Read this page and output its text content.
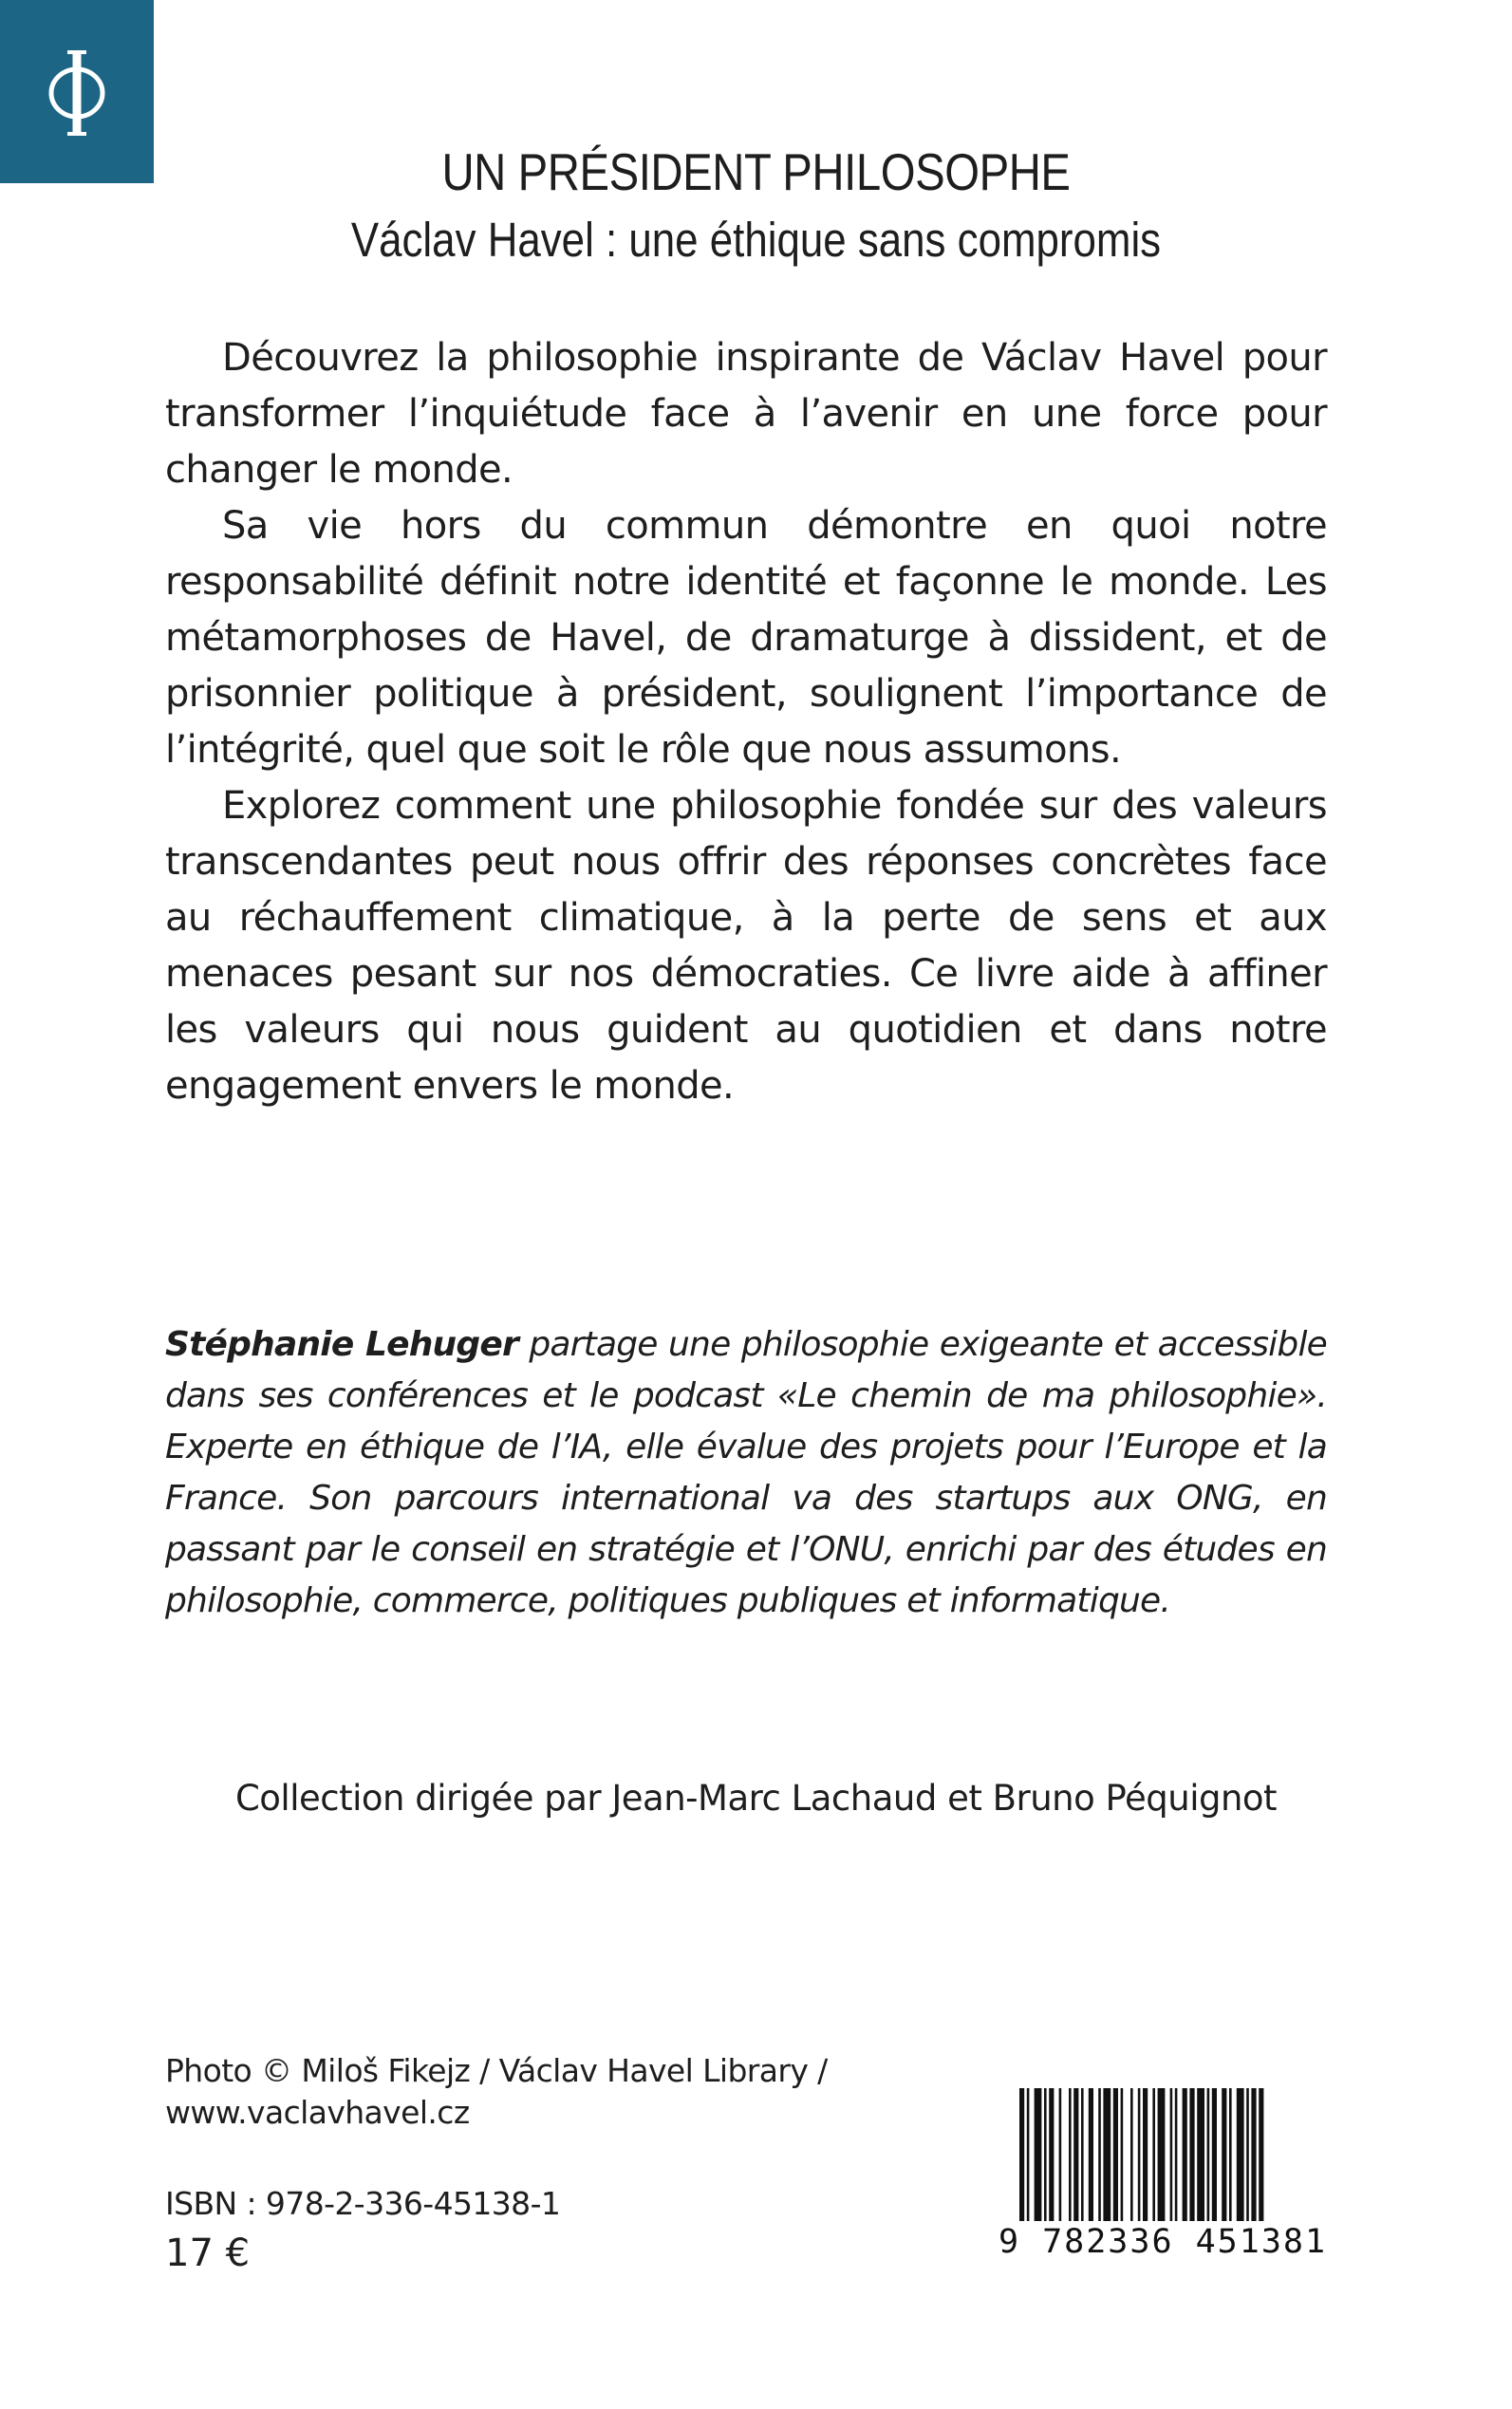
UN PRÉSIDENT PHILOSOPHE
Václav Havel : une éthique sans compromis

Découvrez la philosophie inspirante de Václav Havel pour transformer l’inquiétude face à l’avenir en une force pour changer le monde.

Sa vie hors du commun démontre en quoi notre responsabilité définit notre identité et façonne le monde. Les métamorphoses de Havel, de dramaturge à dissident, et de prisonnier politique à président, soulignent l’importance de l’intégrité, quel que soit le rôle que nous assumons.

Explorez comment une philosophie fondée sur des valeurs transcendantes peut nous offrir des réponses concrètes face au réchauffement climatique, à la perte de sens et aux menaces pesant sur nos démocraties. Ce livre aide à affiner les valeurs qui nous guident au quotidien et dans notre engagement envers le monde.

Stéphanie Lehuger partage une philosophie exigeante et accessible dans ses conférences et le podcast «Le chemin de ma philosophie». Experte en éthique de l’IA, elle évalue des projets pour l’Europe et la France. Son parcours international va des startups aux ONG, en passant par le conseil en stratégie et l’ONU, enrichi par des études en philosophie, commerce, politiques publiques et informatique.
Collection dirigée par Jean-Marc Lachaud et Bruno Péquignot
Photo © Miloš Fikejz / Václav Havel Library /
www.vaclavhavel.cz
ISBN : 978-2-336-45138-1
17 €	9 782336 451381
